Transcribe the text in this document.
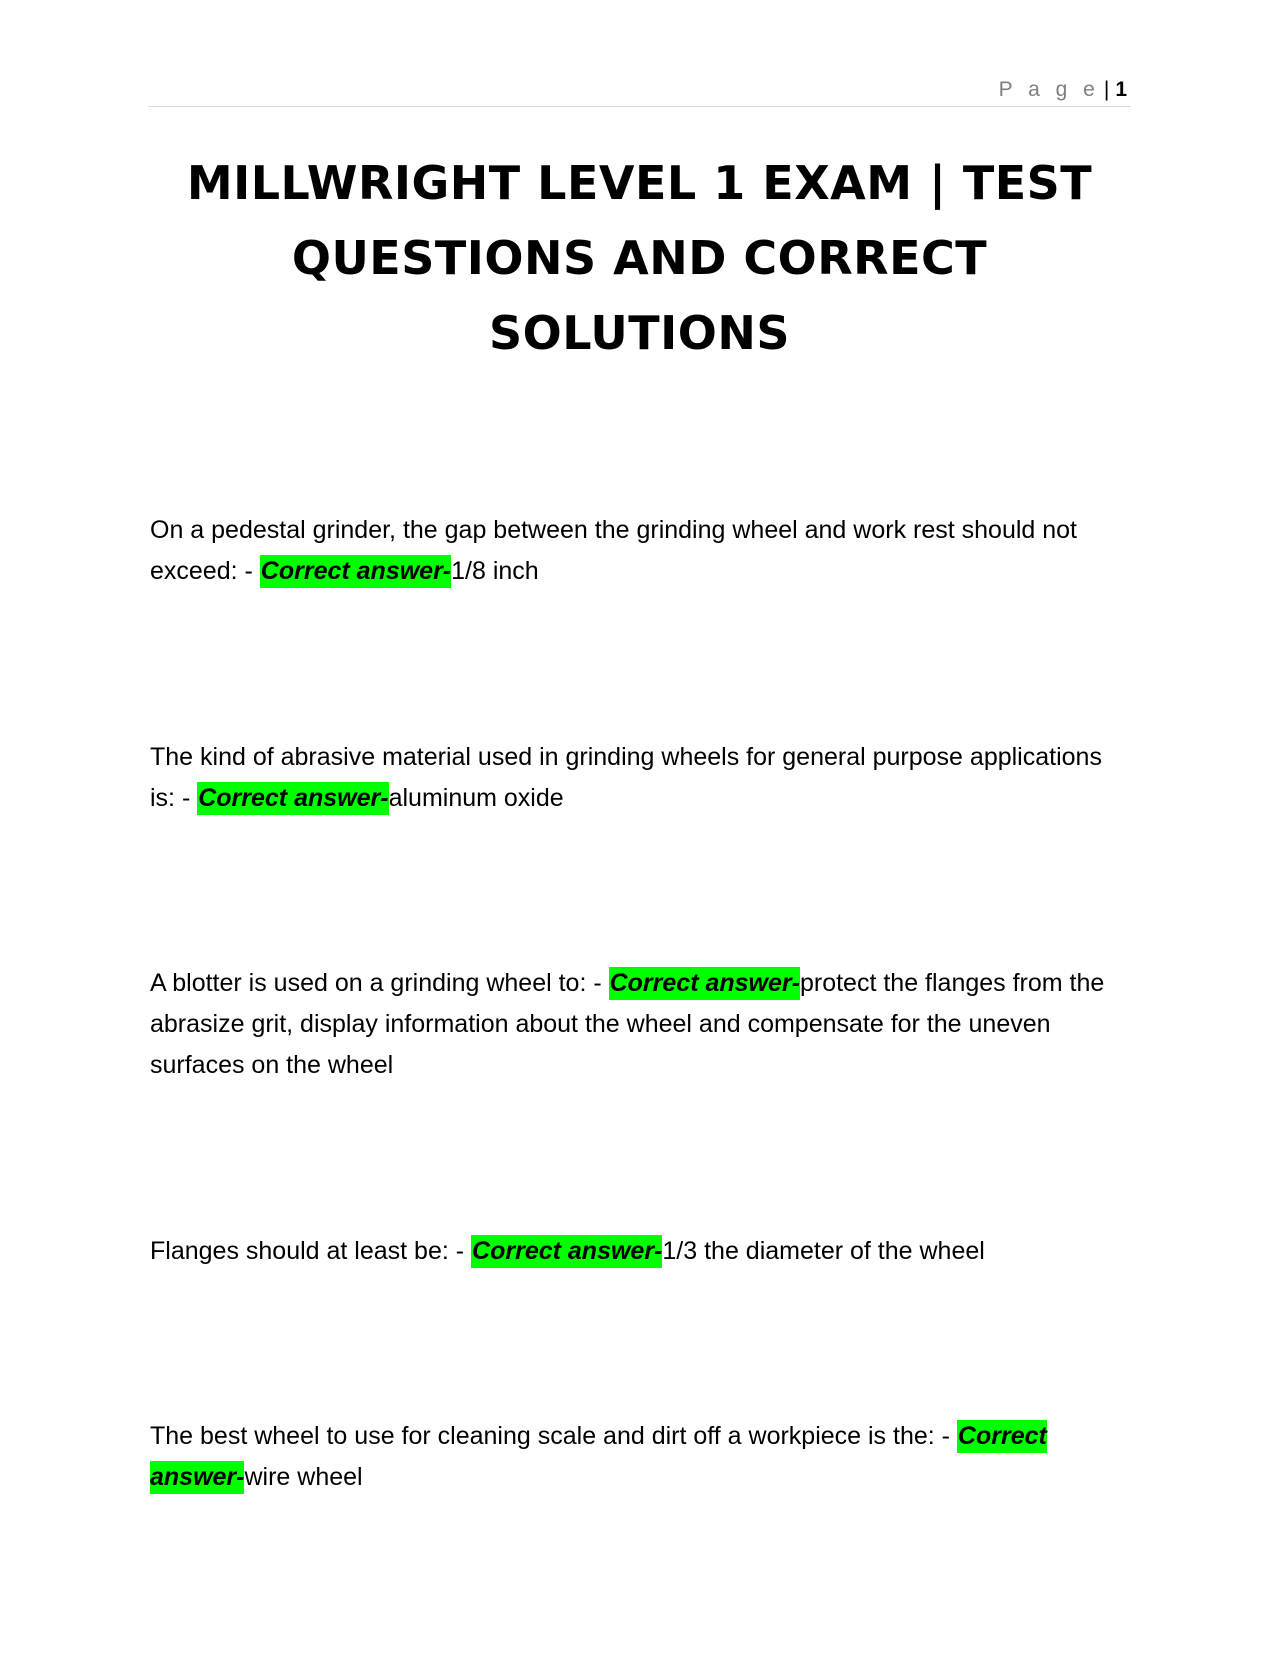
P a g e | 1
MILLWRIGHT LEVEL 1 EXAM | TEST QUESTIONS AND CORRECT SOLUTIONS

On a pedestal grinder, the gap between the grinding wheel and work rest should not exceed: - Correct answer-1/8 inch

The kind of abrasive material used in grinding wheels for general purpose applications is: - Correct answer-aluminum oxide

A blotter is used on a grinding wheel to: - Correct answer-protect the flanges from the abrasize grit, display information about the wheel and compensate for the uneven surfaces on the wheel

Flanges should at least be: - Correct answer-1/3 the diameter of the wheel

The best wheel to use for cleaning scale and dirt off a workpiece is the: - Correct answer-wire wheel
